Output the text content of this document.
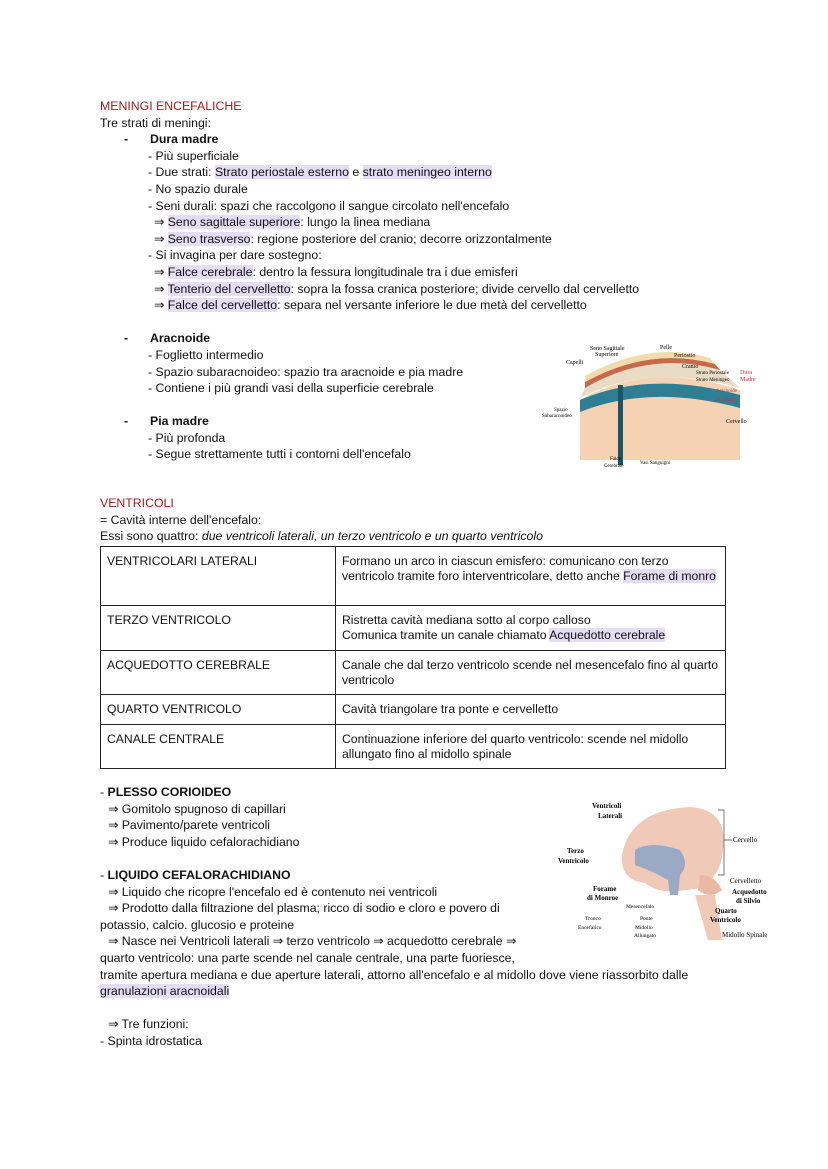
MENINGI ENCEFALICHE
Tre strati di meningi:
- Dura madre
- Più superficiale
- Due strati: Strato periostale esterno e strato meningeo interno
- No spazio durale
- Seni durali: spazi che raccolgono il sangue circolato nell'encefalo
⇒ Seno sagittale superiore: lungo la linea mediana
⇒ Seno trasverso: regione posteriore del cranio; decorre orizzontalmente
- Si invagina per dare sostegno:
⇒ Falce cerebrale: dentro la fessura longitudinale tra i due emisferi
⇒ Tenterio del cervelletto: sopra la fossa cranica posteriore; divide cervello dal cervelletto
⇒ Falce del cervelletto: separa nel versante inferiore le due metà del cervelletto
- Aracnoide
- Foglietto intermedio
- Spazio subaracnoideo: spazio tra aracnoide e pia madre
- Contiene i più grandi vasi della superficie cerebrale
- Pia madre
- Più profonda
- Segue strettamente tutti i contorni dell'encefalo
Seno Sagittale
Superiore
Pelle
Capelli
Periostio
Cranio
Strato Periostale
Strato Meningeo
Dura
Madre
Aracnoide
Pia Madre
Spazio
Subaracnoideo
Cervello
Falce
Cerebrale
Vasi Sanguigni
VENTRICOLI
= Cavità interne dell'encefalo:
Essi sono quattro: due ventricoli laterali, un terzo ventricolo e un quarto ventricolo
VENTRICOLARI LATERALI	Formano un arco in ciascun emisfero: comunicano con terzo ventricolo tramite foro interventricolare, detto anche Forame di monro
TERZO VENTRICOLO	Ristretta cavità mediana sotto al corpo calloso
Comunica tramite un canale chiamato Acquedotto cerebrale
ACQUEDOTTO CEREBRALE	Canale che dal terzo ventricolo scende nel mesencefalo fino al quarto ventricolo
QUARTO VENTRICOLO	Cavità triangolare tra ponte e cervelletto
CANALE CENTRALE	Continuazione inferiore del quarto ventricolo: scende nel midollo allungato fino al midollo spinale
- PLESSO CORIOIDEO
⇒ Gomitolo spugnoso di capillari
⇒ Pavimento/parete ventricoli
⇒ Produce liquido cefalorachidiano
- LIQUIDO CEFALORACHIDIANO
⇒ Liquido che ricopre l'encefalo ed è contenuto nei ventricoli
⇒ Prodotto dalla filtrazione del plasma; ricco di sodio e cloro e povero di
potassio, calcio. glucosio e proteine
⇒ Nasce nei Ventricoli laterali ⇒ terzo ventricolo ⇒ acquedotto cerebrale ⇒
quarto ventricolo: una parte scende nel canale centrale, una parte fuoriesce,
tramite apertura mediana e due aperture laterali, attorno all'encefalo e al midollo dove viene riassorbito dalle
granulazioni aracnoidali
⇒ Tre funzioni:
- Spinta idrostatica
Ventricoli
Laterali
Terzo
Ventricolo
Forame
di Monroe
Cervello
Cervelletto
Acquedotto
di Silvio
Quarto
Ventricolo
Mesencefalo
Ponte
Midollo
Allungato
Tronco
Encefalico
Midollo Spinale
